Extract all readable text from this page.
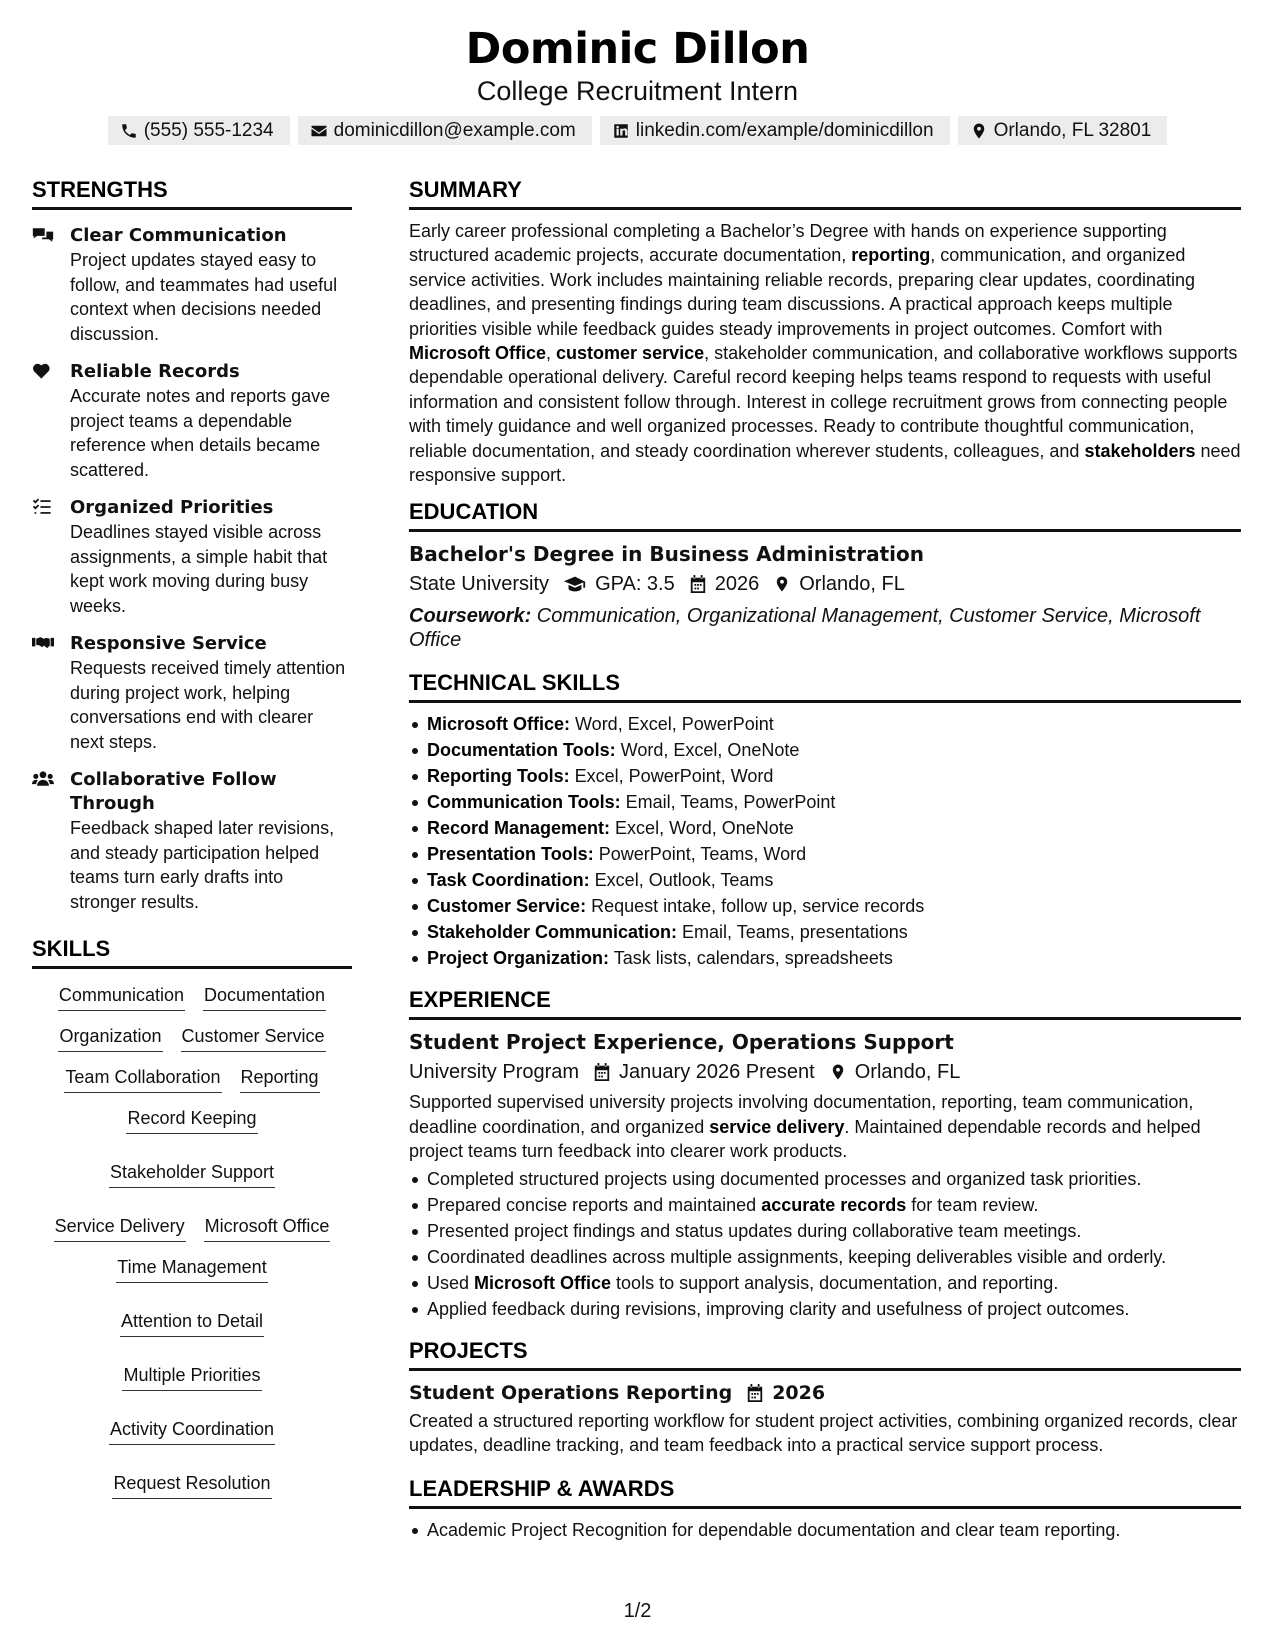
Dominic Dillon
College Recruitment Intern
(555) 555-1234	dominicdillon@example.com	linkedin.com/example/dominicdillon	Orlando, FL 32801
STRENGTHS
Clear Communication
Project updates stayed easy to follow, and teammates had useful context when decisions needed discussion.
Reliable Records
Accurate notes and reports gave project teams a dependable reference when details became scattered.
Organized Priorities
Deadlines stayed visible across assignments, a simple habit that kept work moving during busy weeks.
Responsive Service
Requests received timely attention during project work, helping conversations end with clearer next steps.
Collaborative Follow Through
Feedback shaped later revisions, and steady participation helped teams turn early drafts into stronger results.
SKILLS
Communication Documentation
Organization Customer Service
Team Collaboration Reporting
Record Keeping
Stakeholder Support
Service Delivery Microsoft Office
Time Management
Attention to Detail
Multiple Priorities
Activity Coordination
Request Resolution
SUMMARY
Early career professional completing a Bachelor’s Degree with hands on experience supporting structured academic projects, accurate documentation, reporting, communication, and organized service activities. Work includes maintaining reliable records, preparing clear updates, coordinating deadlines, and presenting findings during team discussions. A practical approach keeps multiple priorities visible while feedback guides steady improvements in project outcomes. Comfort with Microsoft Office, customer service, stakeholder communication, and collaborative workflows supports dependable operational delivery. Careful record keeping helps teams respond to requests with useful information and consistent follow through. Interest in college recruitment grows from connecting people with timely guidance and well organized processes. Ready to contribute thoughtful communication, reliable documentation, and steady coordination wherever students, colleagues, and stakeholders need responsive support.
EDUCATION
Bachelor's Degree in Business Administration
State University GPA: 3.5 2026 Orlando, FL
Coursework: Communication, Organizational Management, Customer Service, Microsoft Office
TECHNICAL SKILLS
Microsoft Office: Word, Excel, PowerPoint
Documentation Tools: Word, Excel, OneNote
Reporting Tools: Excel, PowerPoint, Word
Communication Tools: Email, Teams, PowerPoint
Record Management: Excel, Word, OneNote
Presentation Tools: PowerPoint, Teams, Word
Task Coordination: Excel, Outlook, Teams
Customer Service: Request intake, follow up, service records
Stakeholder Communication: Email, Teams, presentations
Project Organization: Task lists, calendars, spreadsheets
EXPERIENCE
Student Project Experience, Operations Support
University Program January 2026 Present Orlando, FL
Supported supervised university projects involving documentation, reporting, team communication, deadline coordination, and organized service delivery. Maintained dependable records and helped project teams turn feedback into clearer work products.
Completed structured projects using documented processes and organized task priorities.
Prepared concise reports and maintained accurate records for team review.
Presented project findings and status updates during collaborative team meetings.
Coordinated deadlines across multiple assignments, keeping deliverables visible and orderly.
Used Microsoft Office tools to support analysis, documentation, and reporting.
Applied feedback during revisions, improving clarity and usefulness of project outcomes.
PROJECTS
Student Operations Reporting 2026
Created a structured reporting workflow for student project activities, combining organized records, clear updates, deadline tracking, and team feedback into a practical service support process.
LEADERSHIP & AWARDS
Academic Project Recognition for dependable documentation and clear team reporting.
1/2
